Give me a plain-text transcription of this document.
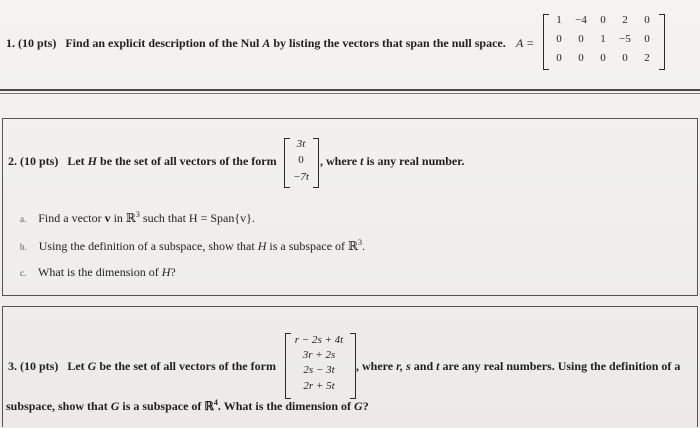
1. (10 pts) Find an explicit description of the Nul A by listing the vectors that span the null space. A =
1	−4	0	2	0
0	0	1	−5	0
0	0	0	0	2
2. (10 pts) Let H be the set of all vectors of the form
3t
0
−7t
, where t is any real number.
a. Find a vector v in ℝ$^3$ such that H = Span{v}.
b. Using the definition of a subspace, show that H is a subspace of ℝ$^3$.
c. What is the dimension of H?
3. (10 pts) Let G be the set of all vectors of the form
r − 2s + 4t
3r + 2s
2s − 3t
2r + 5t
, where r, s and t are any real numbers. Using the definition of a
subspace, show that G is a subspace of ℝ$^4$. What is the dimension of G?
